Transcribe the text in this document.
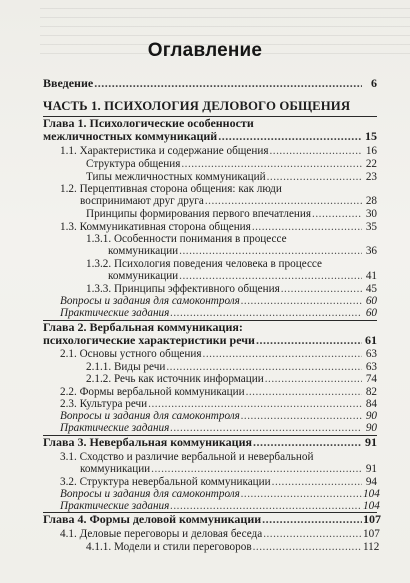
Оглавление
Введение .....	6
ЧАСТЬ 1. ПСИХОЛОГИЯ ДЕЛОВОГО ОБЩЕНИЯ
Глава 1. Психологические особенности
межличностных коммуникаций .....	15
1.1. Характеристика и содержание общения .....	16
Структура общения .....	22
Типы межличностных коммуникаций .....	23
1.2. Перцептивная сторона общения: как люди
воспринимают друг друга .....	28
Принципы формирования первого впечатления .....	30
1.3. Коммуникативная сторона общения .....	35
1.3.1. Особенности понимания в процессе
коммуникации .....	36
1.3.2. Психология поведения человека в процессе
коммуникации .....	41
1.3.3. Принципы эффективного общения .....	45
Вопросы и задания для самоконтроля .....	60
Практические задания .....	60
Глава 2. Вербальная коммуникация:
психологические характеристики речи .....	61
2.1. Основы устного общения .....	63
2.1.1. Виды речи .....	63
2.1.2. Речь как источник информации .....	74
2.2. Формы вербальной коммуникации .....	82
2.3. Культура речи .....	84
Вопросы и задания для самоконтроля .....	90
Практические задания .....	90
Глава 3. Невербальная коммуникация .....	91
3.1. Сходство и различие вербальной и невербальной
коммуникации .....	91
3.2. Структура невербальной коммуникации .....	94
Вопросы и задания для самоконтроля .....	104
Практические задания .....	104
Глава 4. Формы деловой коммуникации .....	107
4.1. Деловые переговоры и деловая беседа .....	107
4.1.1. Модели и стили переговоров .....	112
